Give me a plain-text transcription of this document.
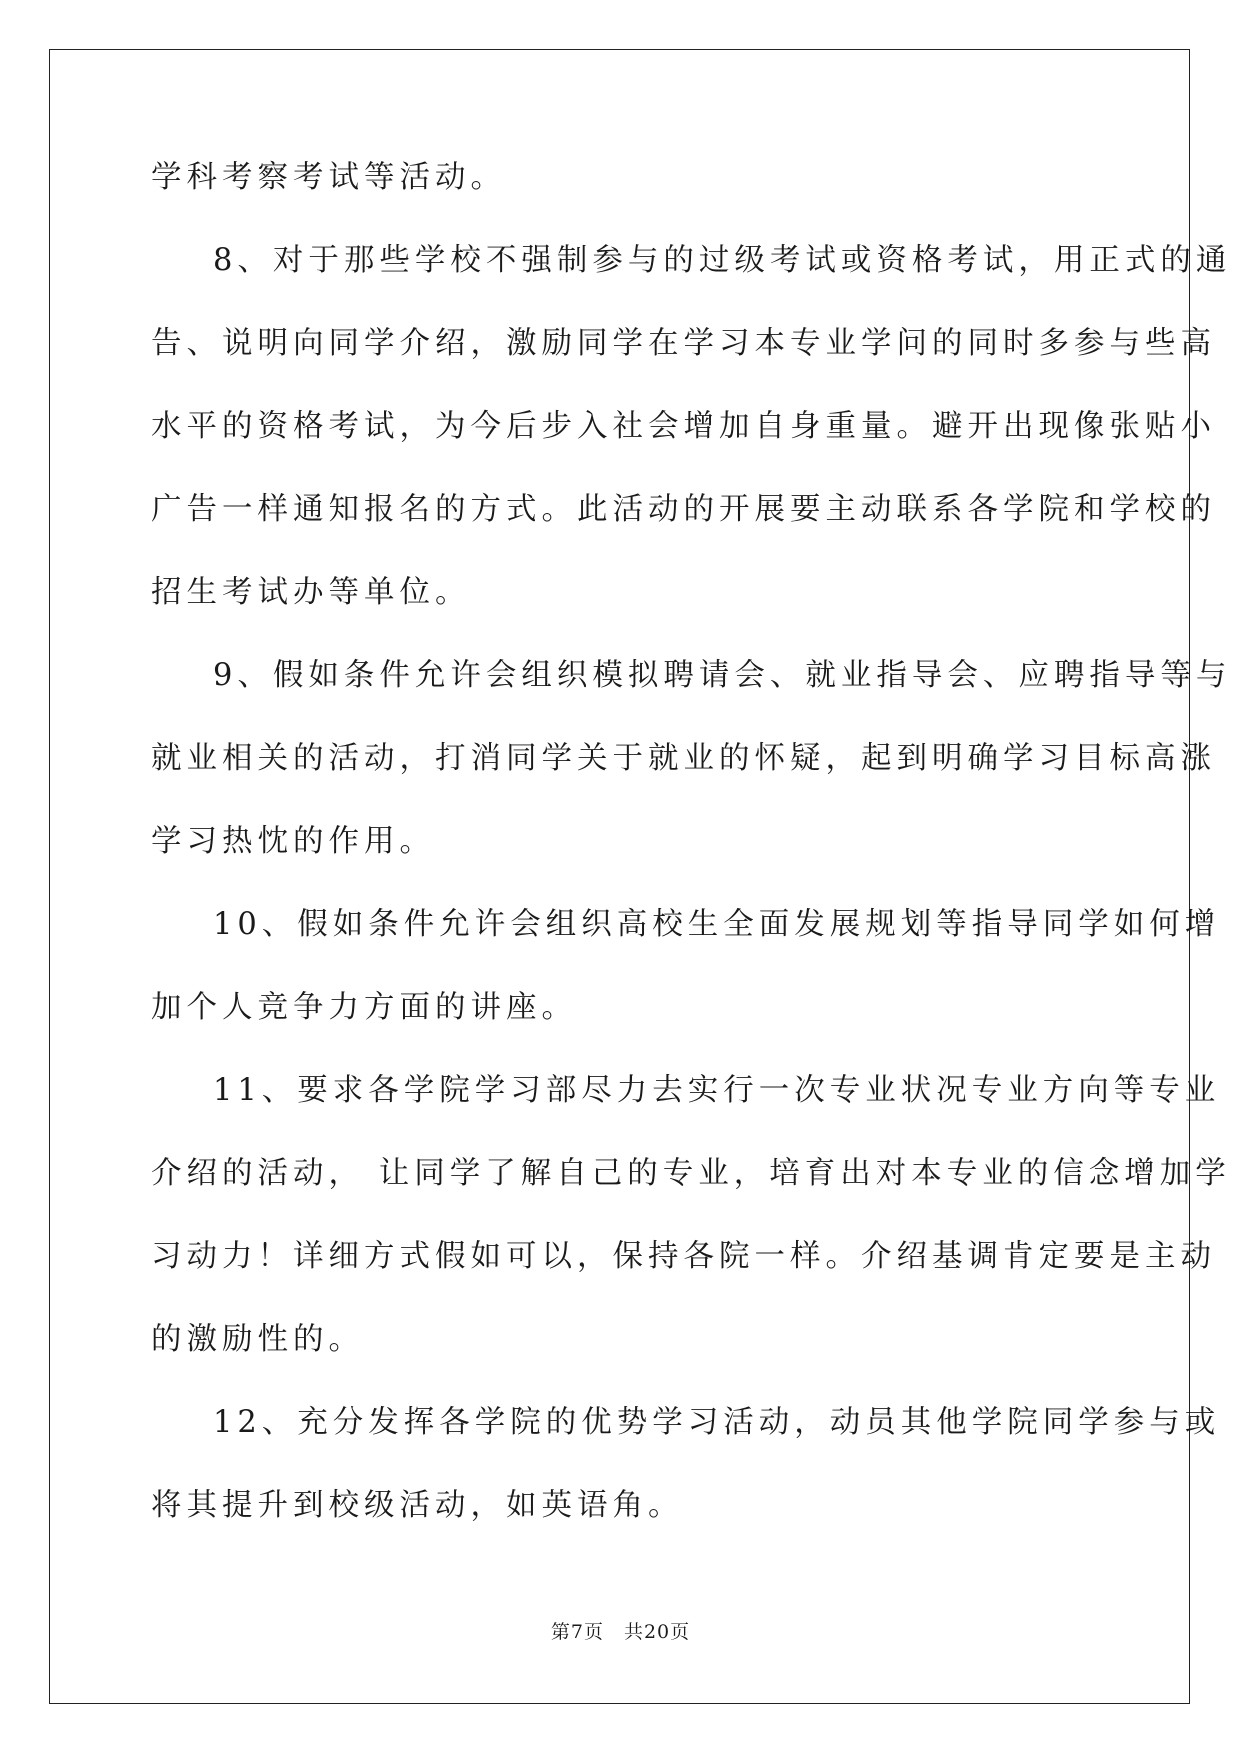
学科考察考试等活动。
8、对于那些学校不强制参与的过级考试或资格考试，用正式的通
告、说明向同学介绍，激励同学在学习本专业学问的同时多参与些高
水平的资格考试，为今后步入社会增加自身重量。避开出现像张贴小
广告一样通知报名的方式。此活动的开展要主动联系各学院和学校的
招生考试办等单位。
9、假如条件允许会组织模拟聘请会、就业指导会、应聘指导等与
就业相关的活动，打消同学关于就业的怀疑，起到明确学习目标高涨
学习热忱的作用。
10、假如条件允许会组织高校生全面发展规划等指导同学如何增
加个人竞争力方面的讲座。
11、要求各学院学习部尽力去实行一次专业状况专业方向等专业
介绍的活动， 让同学了解自己的专业，培育出对本专业的信念增加学
习动力！详细方式假如可以，保持各院一样。介绍基调肯定要是主动
的激励性的。
12、充分发挥各学院的优势学习活动，动员其他学院同学参与或
将其提升到校级活动，如英语角。
第7页 共20页
